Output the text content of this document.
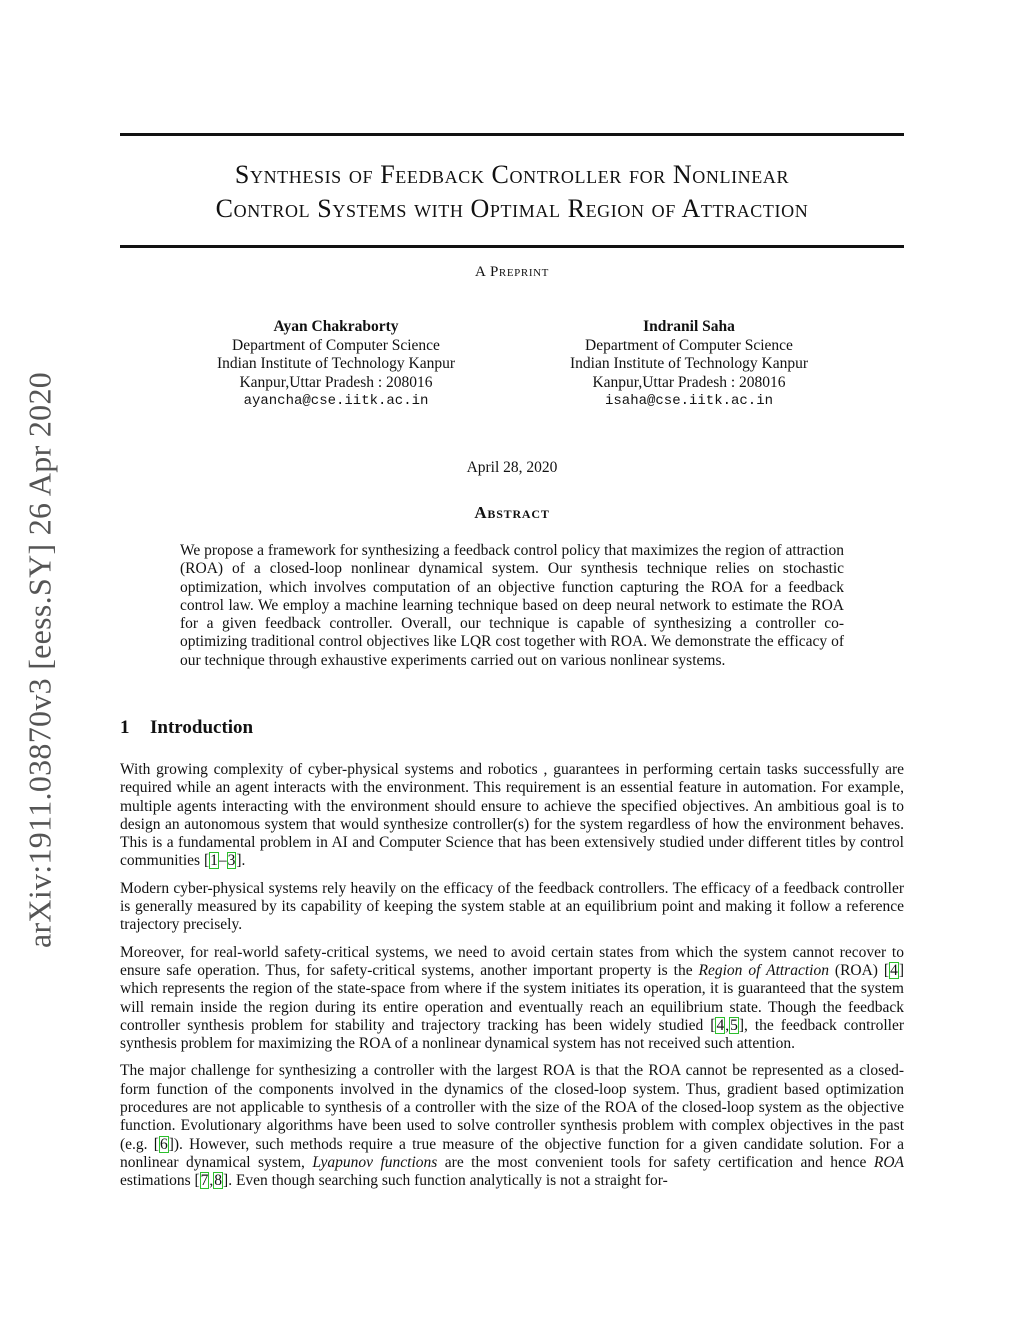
arXiv:1911.03870v3 [eess.SY] 26 Apr 2020
Synthesis of Feedback Controller for Nonlinear
Control Systems with Optimal Region of Attraction
A Preprint
Ayan Chakraborty
Department of Computer Science
Indian Institute of Technology Kanpur
Kanpur,Uttar Pradesh : 208016
ayancha@cse.iitk.ac.in
Indranil Saha
Department of Computer Science
Indian Institute of Technology Kanpur
Kanpur,Uttar Pradesh : 208016
isaha@cse.iitk.ac.in
April 28, 2020
Abstract
We propose a framework for synthesizing a feedback control policy that maximizes the region of attraction (ROA) of a closed-loop nonlinear dynamical system. Our synthesis technique relies on stochastic optimization, which involves computation of an objective function capturing the ROA for a feedback control law. We employ a machine learning technique based on deep neural network to estimate the ROA for a given feedback controller. Overall, our technique is capable of synthesizing a controller co-optimizing traditional control objectives like LQR cost together with ROA. We demonstrate the efficacy of our technique through exhaustive experiments carried out on various nonlinear systems.
1 Introduction

With growing complexity of cyber-physical systems and robotics , guarantees in performing certain tasks successfully are required while an agent interacts with the environment. This requirement is an essential feature in automation. For example, multiple agents interacting with the environment should ensure to achieve the specified objectives. An ambitious goal is to design an autonomous system that would synthesize controller(s) for the system regardless of how the environment behaves. This is a fundamental problem in AI and Computer Science that has been extensively studied under different titles by control communities [1–3].

Modern cyber-physical systems rely heavily on the efficacy of the feedback controllers. The efficacy of a feedback controller is generally measured by its capability of keeping the system stable at an equilibrium point and making it follow a reference trajectory precisely.

Moreover, for real-world safety-critical systems, we need to avoid certain states from which the system cannot recover to ensure safe operation. Thus, for safety-critical systems, another important property is the Region of Attraction (ROA) [4] which represents the region of the state-space from where if the system initiates its operation, it is guaranteed that the system will remain inside the region during its entire operation and eventually reach an equilibrium state. Though the feedback controller synthesis problem for stability and trajectory tracking has been widely studied [4,5], the feedback controller synthesis problem for maximizing the ROA of a nonlinear dynamical system has not received such attention.

The major challenge for synthesizing a controller with the largest ROA is that the ROA cannot be represented as a closed-form function of the components involved in the dynamics of the closed-loop system. Thus, gradient based optimization procedures are not applicable to synthesis of a controller with the size of the ROA of the closed-loop system as the objective function. Evolutionary algorithms have been used to solve controller synthesis problem with complex objectives in the past (e.g. [6]). However, such methods require a true measure of the objective function for a given candidate solution. For a nonlinear dynamical system, Lyapunov functions are the most convenient tools for safety certification and hence ROA estimations [7,8]. Even though searching such function analytically is not a straight for-
